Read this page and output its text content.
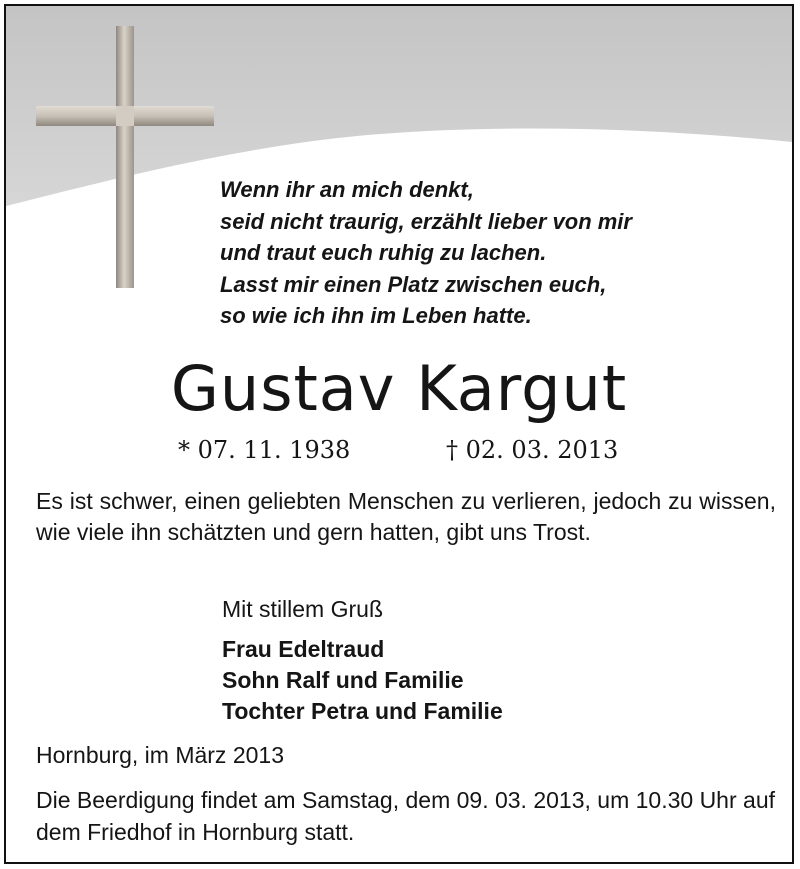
Wenn ihr an mich denkt,
seid nicht traurig, erzählt lieber von mir
und traut euch ruhig zu lachen.
Lasst mir einen Platz zwischen euch,
so wie ich ihn im Leben hatte.
Gustav Kargut
* 07. 11. 1938	† 02. 03. 2013
Es ist schwer, einen geliebten Menschen zu verlieren, jedoch zu wissen, wie viele ihn schätzten und gern hatten, gibt uns Trost.
Mit stillem Gruß
Frau Edeltraud
Sohn Ralf und Familie
Tochter Petra und Familie
Hornburg, im März 2013
Die Beerdigung findet am Samstag, dem 09. 03. 2013, um 10.30 Uhr auf dem Friedhof in Hornburg statt.
